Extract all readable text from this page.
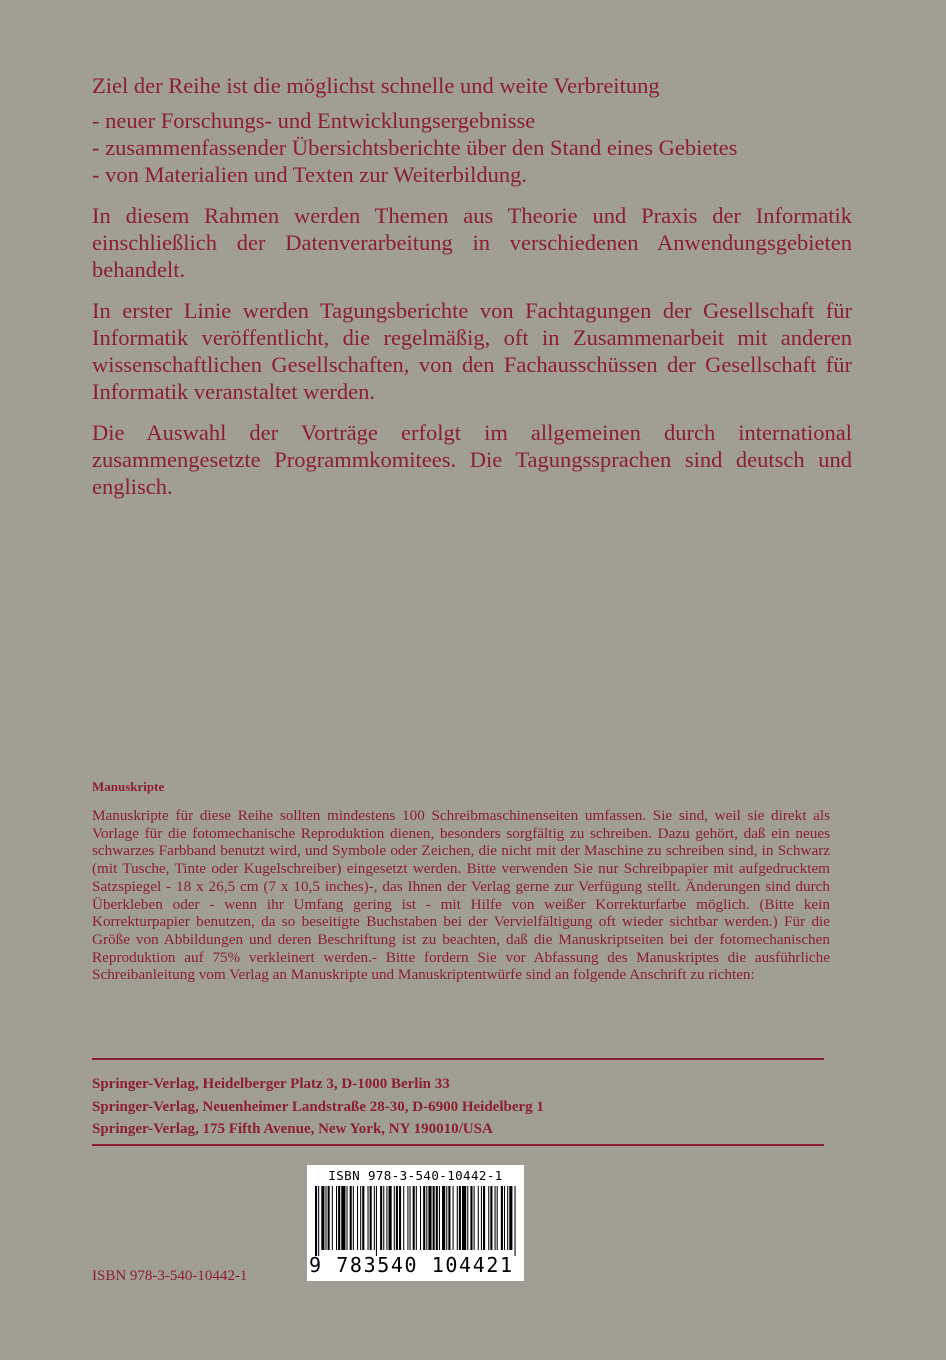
Ziel der Reihe ist die möglichst schnelle und weite Verbreitung

- neuer Forschungs- und Entwicklungsergebnisse
- zusammenfassender Übersichtsberichte über den Stand eines Gebietes
- von Materialien und Texten zur Weiterbildung.

In diesem Rahmen werden Themen aus Theorie und Praxis der Informatik einschließlich der Datenverarbeitung in verschiedenen Anwendungsgebieten behandelt.

In erster Linie werden Tagungsberichte von Fachtagungen der Gesellschaft für Informatik veröffentlicht, die regelmäßig, oft in Zusammenarbeit mit anderen wissenschaftlichen Gesellschaften, von den Fachausschüssen der Gesellschaft für Informatik veranstaltet werden.

Die Auswahl der Vorträge erfolgt im allgemeinen durch international zusammengesetzte Programmkomitees. Die Tagungssprachen sind deutsch und englisch.

Manuskripte

Manuskripte für diese Reihe sollten mindestens 100 Schreibmaschinenseiten umfassen. Sie sind, weil sie direkt als Vorlage für die fotomechanische Reproduktion dienen, besonders sorgfältig zu schreiben. Dazu gehört, daß ein neues schwarzes Farbband benutzt wird, und Symbole oder Zeichen, die nicht mit der Maschine zu schreiben sind, in Schwarz (mit Tusche, Tinte oder Kugelschreiber) eingesetzt werden. Bitte verwenden Sie nur Schreibpapier mit aufgedrucktem Satzspiegel - 18 x 26,5 cm (7 x 10,5 inches)-, das Ihnen der Verlag gerne zur Verfügung stellt. Änderungen sind durch Überkleben oder - wenn ihr Umfang gering ist - mit Hilfe von weißer Korrekturfarbe möglich. (Bitte kein Korrekturpapier benutzen, da so beseitigte Buchstaben bei der Vervielfältigung oft wieder sichtbar werden.) Für die Größe von Abbildungen und deren Beschriftung ist zu beachten, daß die Manuskriptseiten bei der fotomechanischen Reproduktion auf 75% verkleinert werden.- Bitte fordern Sie vor Abfassung des Manuskriptes die ausführliche Schreibanleitung vom Verlag an Manuskripte und Manuskriptentwürfe sind an folgende Anschrift zu richten:

Springer-Verlag, Heidelberger Platz 3, D-1000 Berlin 33
Springer-Verlag, Neuenheimer Landstraße 28-30, D-6900 Heidelberg 1
Springer-Verlag, 175 Fifth Avenue, New York, NY 190010/USA
ISBN 978-3-540-10442-1
9 783540 104421
ISBN 978-3-540-10442-1
